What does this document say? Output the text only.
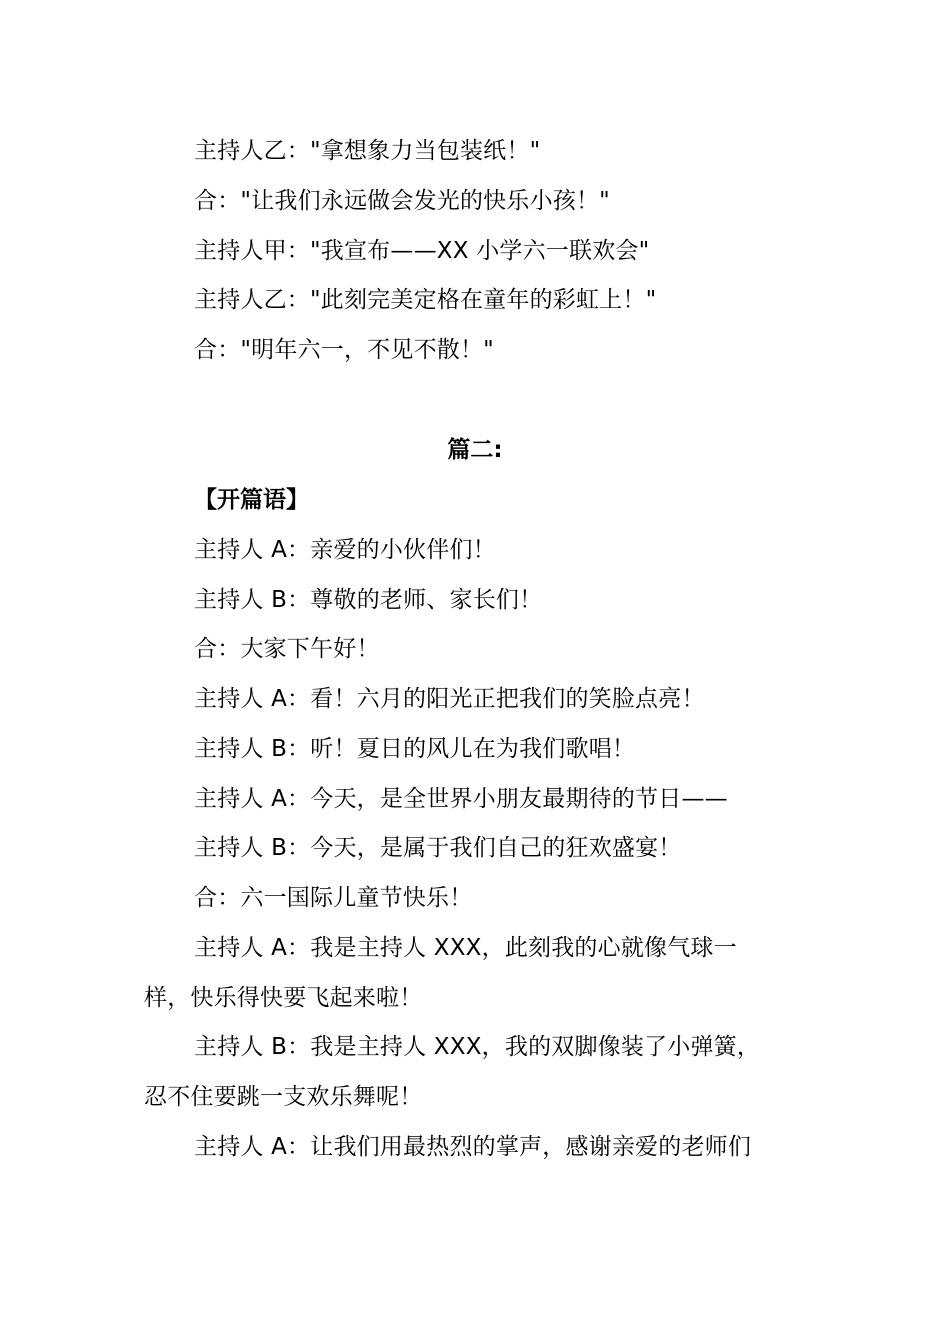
主持人乙："拿想象力当包装纸！"
合："让我们永远做会发光的快乐小孩！"
主持人甲："我宣布——XX 小学六一联欢会"
主持人乙："此刻完美定格在童年的彩虹上！"
合："明年六一，不见不散！"
篇二:
【开篇语】
主持人 A：亲爱的小伙伴们！
主持人 B：尊敬的老师、家长们！
合：大家下午好！
主持人 A：看！六月的阳光正把我们的笑脸点亮！
主持人 B：听！夏日的风儿在为我们歌唱！
主持人 A：今天，是全世界小朋友最期待的节日——
主持人 B：今天，是属于我们自己的狂欢盛宴！
合：六一国际儿童节快乐！
主持人 A：我是主持人 XXX，此刻我的心就像气球一
样，快乐得快要飞起来啦！
主持人 B：我是主持人 XXX，我的双脚像装了小弹簧，
忍不住要跳一支欢乐舞呢！
主持人 A：让我们用最热烈的掌声，感谢亲爱的老师们
